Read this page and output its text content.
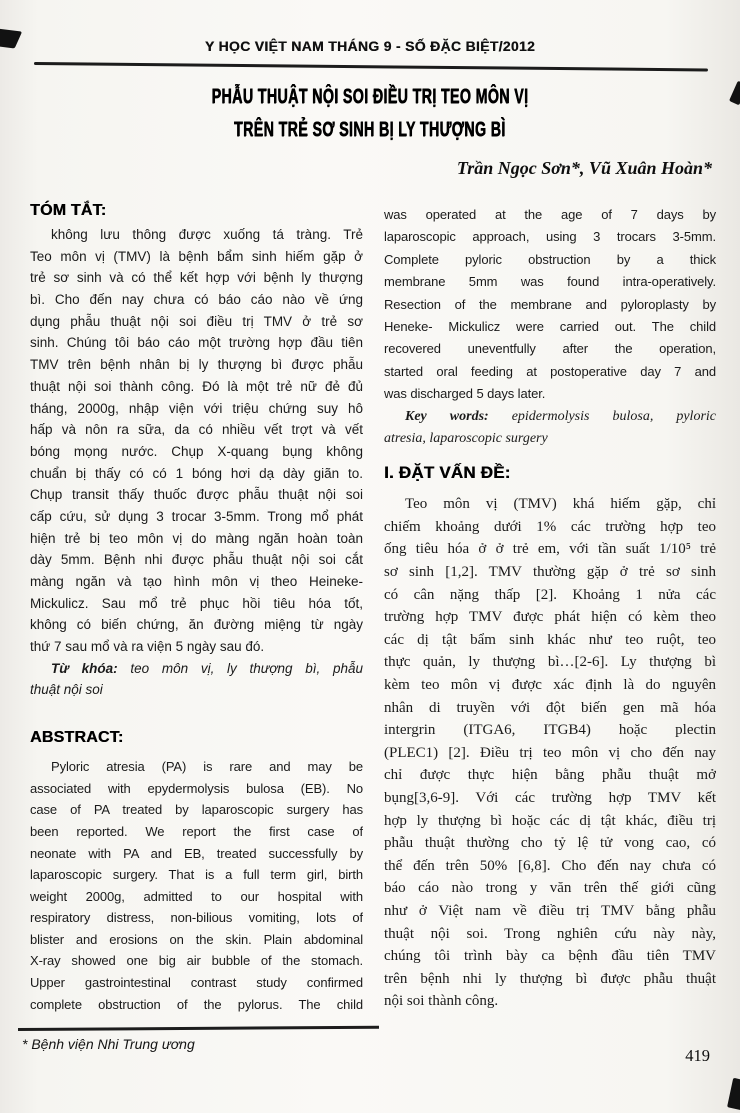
Y HỌC VIỆT NAM THÁNG 9 - SỐ ĐẶC BIỆT/2012
PHẪU THUẬT NỘI SOI ĐIỀU TRỊ TEO MÔN VỊ
TRÊN TRẺ SƠ SINH BỊ LY THƯỢNG BÌ
Trần Ngọc Sơn*, Vũ Xuân Hoàn*
TÓM TẮT:
không lưu thông được xuống tá tràng. Trẻ
Teo môn vị (TMV) là bệnh bẩm sinh hiếm gặp ở
trẻ sơ sinh và có thể kết hợp với bệnh ly thượng
bì. Cho đến nay chưa có báo cáo nào về ứng
dụng phẫu thuật nội soi điều trị TMV ở trẻ sơ
sinh. Chúng tôi báo cáo một trường hợp đầu tiên
TMV trên bệnh nhân bị ly thượng bì được phẫu
thuật nội soi thành công. Đó là một trẻ nữ đẻ đủ
tháng, 2000g, nhập viện với triệu chứng suy hô
hấp và nôn ra sữa, da có nhiều vết trợt và vết
bóng mọng nước. Chụp X-quang bụng không
chuẩn bị thấy có có 1 bóng hơi dạ dày giãn to.
Chụp transit thấy thuốc được phẫu thuật nội soi
cấp cứu, sử dụng 3 trocar 3-5mm. Trong mổ phát
hiện trẻ bị teo môn vị do màng ngăn hoàn toàn
dày 5mm. Bệnh nhi được phẫu thuật nội soi cắt
màng ngăn và tạo hình môn vị theo Heineke-
Mickulicz. Sau mổ trẻ phục hồi tiêu hóa tốt,
không có biến chứng, ăn đường miệng từ ngày
thứ 7 sau mổ và ra viện 5 ngày sau đó.
Từ khóa: teo môn vị, ly thượng bì, phẫu
thuật nội soi
ABSTRACT:
Pyloric atresia (PA) is rare and may be
associated with epydermolysis bulosa (EB). No
case of PA treated by laparoscopic surgery has
been reported. We report the first case of
neonate with PA and EB, treated successfully by
laparoscopic surgery. That is a full term girl, birth
weight 2000g, admitted to our hospital with
respiratory distress, non-bilious vomiting, lots of
blister and erosions on the skin. Plain abdominal
X-ray showed one big air bubble of the stomach.
Upper gastrointestinal contrast study confirmed
complete obstruction of the pylorus. The child
was operated at the age of 7 days by
laparoscopic approach, using 3 trocars 3-5mm.
Complete pyloric obstruction by a thick
membrane 5mm was found intra-operatively.
Resection of the membrane and pyloroplasty by
Heneke- Mickulicz were carried out. The child
recovered uneventfully after the operation,
started oral feeding at postoperative day 7 and
was discharged 5 days later.
Key words: epidermolysis bulosa, pyloric
atresia, laparoscopic surgery
I. ĐẶT VẤN ĐỀ:
Teo môn vị (TMV) khá hiếm gặp, chỉ
chiếm khoảng dưới 1% các trường hợp teo
ống tiêu hóa ở ở trẻ em, với tần suất 1/10⁵ trẻ
sơ sinh [1,2]. TMV thường gặp ở trẻ sơ sinh
có cân nặng thấp [2]. Khoảng 1 nửa các
trường hợp TMV được phát hiện có kèm theo
các dị tật bẩm sinh khác như teo ruột, teo
thực quản, ly thượng bì…[2-6]. Ly thượng bì
kèm teo môn vị được xác định là do nguyên
nhân di truyền với đột biến gen mã hóa
intergrin (ITGA6, ITGB4) hoặc plectin
(PLEC1) [2]. Điều trị teo môn vị cho đến nay
chỉ được thực hiện bằng phẫu thuật mở
bụng[3,6-9]. Với các trường hợp TMV kết
hợp ly thượng bì hoặc các dị tật khác, điều trị
phẫu thuật thường cho tỷ lệ tử vong cao, có
thể đến trên 50% [6,8]. Cho đến nay chưa có
báo cáo nào trong y văn trên thế giới cũng
như ở Việt nam về điều trị TMV bằng phẫu
thuật nội soi. Trong nghiên cứu này này,
chúng tôi trình bày ca bệnh đầu tiên TMV
trên bệnh nhi ly thượng bì được phẫu thuật
nội soi thành công.
* Bệnh viện Nhi Trung ương
419
